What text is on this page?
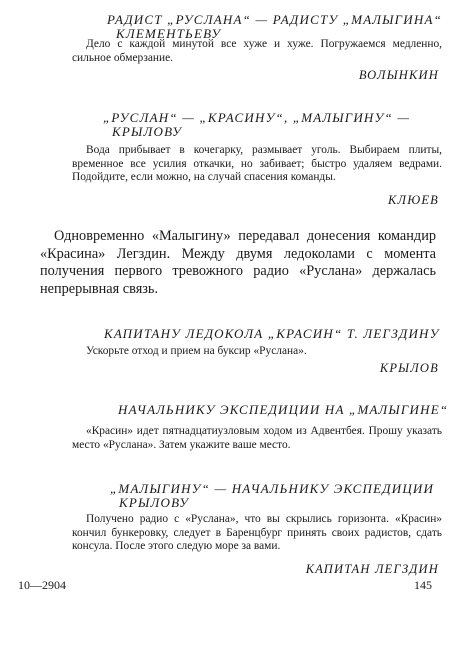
РАДИСТ „РУСЛАНА“ — РАДИСТУ „МАЛЫГИНА“
КЛЕМЕНТЬЕВУ

Дело с каждой минутой все хуже и хуже. Погружаемся медленно, сильное обмерзание.

ВОЛЫНКИН
„РУСЛАН“ — „КРАСИНУ“, „МАЛЫГИНУ“ —
КРЫЛОВУ

Вода прибывает в кочегарку, размывает уголь. Выбираем плиты, временное все усилия откачки, но забивает; быстро удаляем ведрами. Подойдите, если можно, на случай спасения команды.

КЛЮЕВ

Одновременно «Малыгину» передавал донесения командир «Красина» Легздин. Между двумя ледоколами с момента получения первого тревожного радио «Руслана» держалась непрерывная связь.

КАПИТАНУ ЛЕДОКОЛА „КРАСИН“ Т. ЛЕГЗДИНУ

Ускорьте отход и прием на буксир «Руслана».

КРЫЛОВ
НАЧАЛЬНИКУ ЭКСПЕДИЦИИ НА „МАЛЫГИНЕ“

«Красин» идет пятнадцатиузловым ходом из Адвентбея. Прошу указать место «Руслана». Затем укажите ваше место.

„МАЛЫГИНУ“ — НАЧАЛЬНИКУ ЭКСПЕДИЦИИ
КРЫЛОВУ

Получено радио с «Руслана», что вы скрылись горизонта. «Красин» кончил бункеровку, следует в Баренцбург принять своих радистов, сдать консула. После этого следую море за вами.

КАПИТАН ЛЕГЗДИН
10—2904	145
